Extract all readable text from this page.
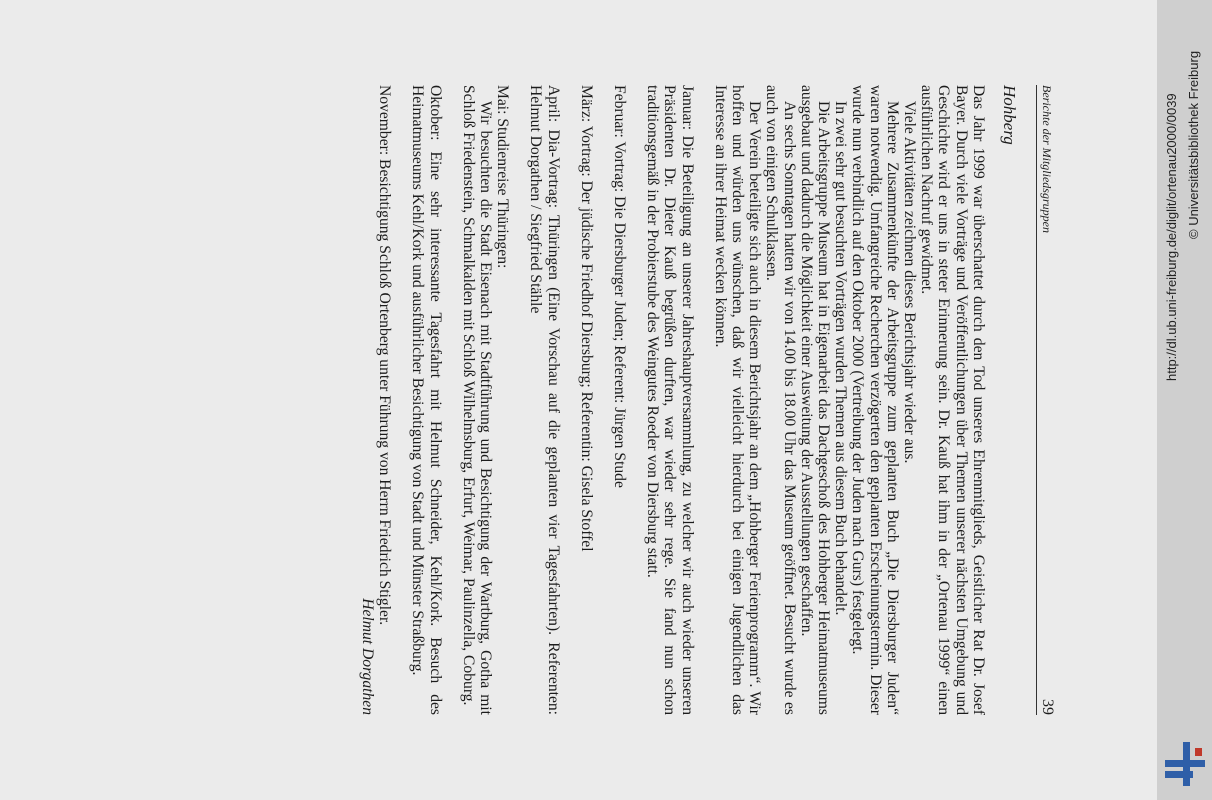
Berichte der Mitgliedsgruppen
39
Hohberg

Das Jahr 1999 war überschattet durch den Tod unseres Ehrenmitglieds, Geistlicher Rat Dr. Josef Bayer. Durch viele Vorträge und Veröffentlichungen über Themen unserer nächsten Umgebung und Geschichte wird er uns in steter Erinnerung sein. Dr. Kauß hat ihm in der „Ortenau 1999“ einen ausführlichen Nachruf gewidmet.

Viele Aktivitäten zeichnen dieses Berichtsjahr wieder aus.

Mehrere Zusammenkünfte der Arbeitsgruppe zum geplanten Buch „Die Diersburger Juden“ waren notwendig. Umfangreiche Recherchen verzögerten den geplanten Erscheinungstermin. Dieser wurde nun verbindlich auf den Oktober 2000 (Vertreibung der Juden nach Gurs) festgelegt.

In zwei sehr gut besuchten Vorträgen wurden Themen aus diesem Buch behandelt.

Die Arbeitsgruppe Museum hat in Eigenarbeit das Dachgeschoß des Hohberger Heimatmuseums ausgebaut und dadurch die Möglichkeit einer Ausweitung der Ausstellungen geschaffen.

An sechs Sonntagen hatten wir von 14.00 bis 18.00 Uhr das Museum geöffnet. Besucht wurde es auch von einigen Schulklassen.

Der Verein beteiligte sich auch in diesem Berichtsjahr an dem „Hohberger Ferienprogramm“. Wir hoffen und würden uns wünschen, daß wir vielleicht hierdurch bei einigen Jugendlichen das Interesse an ihrer Heimat wecken können.

Januar: Die Beteiligung an unserer Jahreshauptversammlung, zu welcher wir auch wieder unseren Präsidenten Dr. Dieter Kauß begrüßen durften, war wieder sehr rege. Sie fand nun schon traditionsgemäß in der Probierstube des Weingutes Roeder von Diersburg statt.

Februar: Vortrag: Die Diersburger Juden; Referent: Jürgen Stude

März: Vortrag: Der jüdische Friedhof Diersburg; Referentin: Gisela Stoffel

April: Dia-Vortrag: Thüringen (Eine Vorschau auf die geplanten vier Tagesfahrten). Referenten: Helmut Dorgathen / Siegfried Stähle

Mai: Studienreise Thüringen:

Wir besuchten die Stadt Eisenach mit Stadtführung und Besichtigung der Wartburg, Gotha mit Schloß Friedenstein, Schmalkalden mit Schloß Wilhelmsburg, Erfurt, Weimar, Paulinzella, Coburg.

Oktober: Eine sehr interessante Tagesfahrt mit Helmut Schneider, Kehl/Kork. Besuch des Heimatmuseums Kehl/Kork und ausführlicher Besichtigung von Stadt und Münster Straßburg.

November: Besichtigung Schloß Ortenberg unter Führung von Herrn Friedrich Stigler.

Helmut Dorgathen

http://dl.ub.uni-freiburg.de/diglit/ortenau2000/0039 © Universitätsbibliothek Freiburg
